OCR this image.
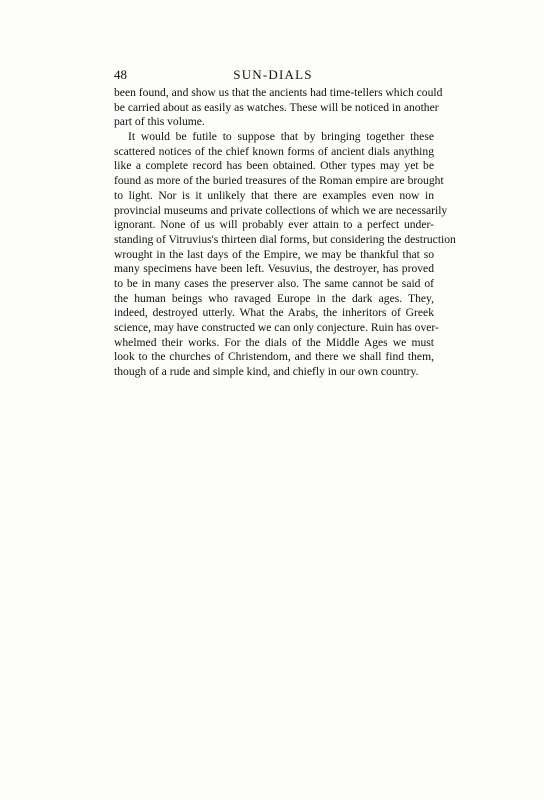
48	SUN-DIALS
been found, and show us that the ancients had time-tellers which could
be carried about as easily as watches. These will be noticed in another
part of this volume.
It would be futile to suppose that by bringing together these
scattered notices of the chief known forms of ancient dials anything
like a complete record has been obtained. Other types may yet be
found as more of the buried treasures of the Roman empire are brought
to light. Nor is it unlikely that there are examples even now in
provincial museums and private collections of which we are necessarily
ignorant. None of us will probably ever attain to a perfect under-
standing of Vitruvius's thirteen dial forms, but considering the destruction
wrought in the last days of the Empire, we may be thankful that so
many specimens have been left. Vesuvius, the destroyer, has proved
to be in many cases the preserver also. The same cannot be said of
the human beings who ravaged Europe in the dark ages. They,
indeed, destroyed utterly. What the Arabs, the inheritors of Greek
science, may have constructed we can only conjecture. Ruin has over-
whelmed their works. For the dials of the Middle Ages we must
look to the churches of Christendom, and there we shall find them,
though of a rude and simple kind, and chiefly in our own country.
